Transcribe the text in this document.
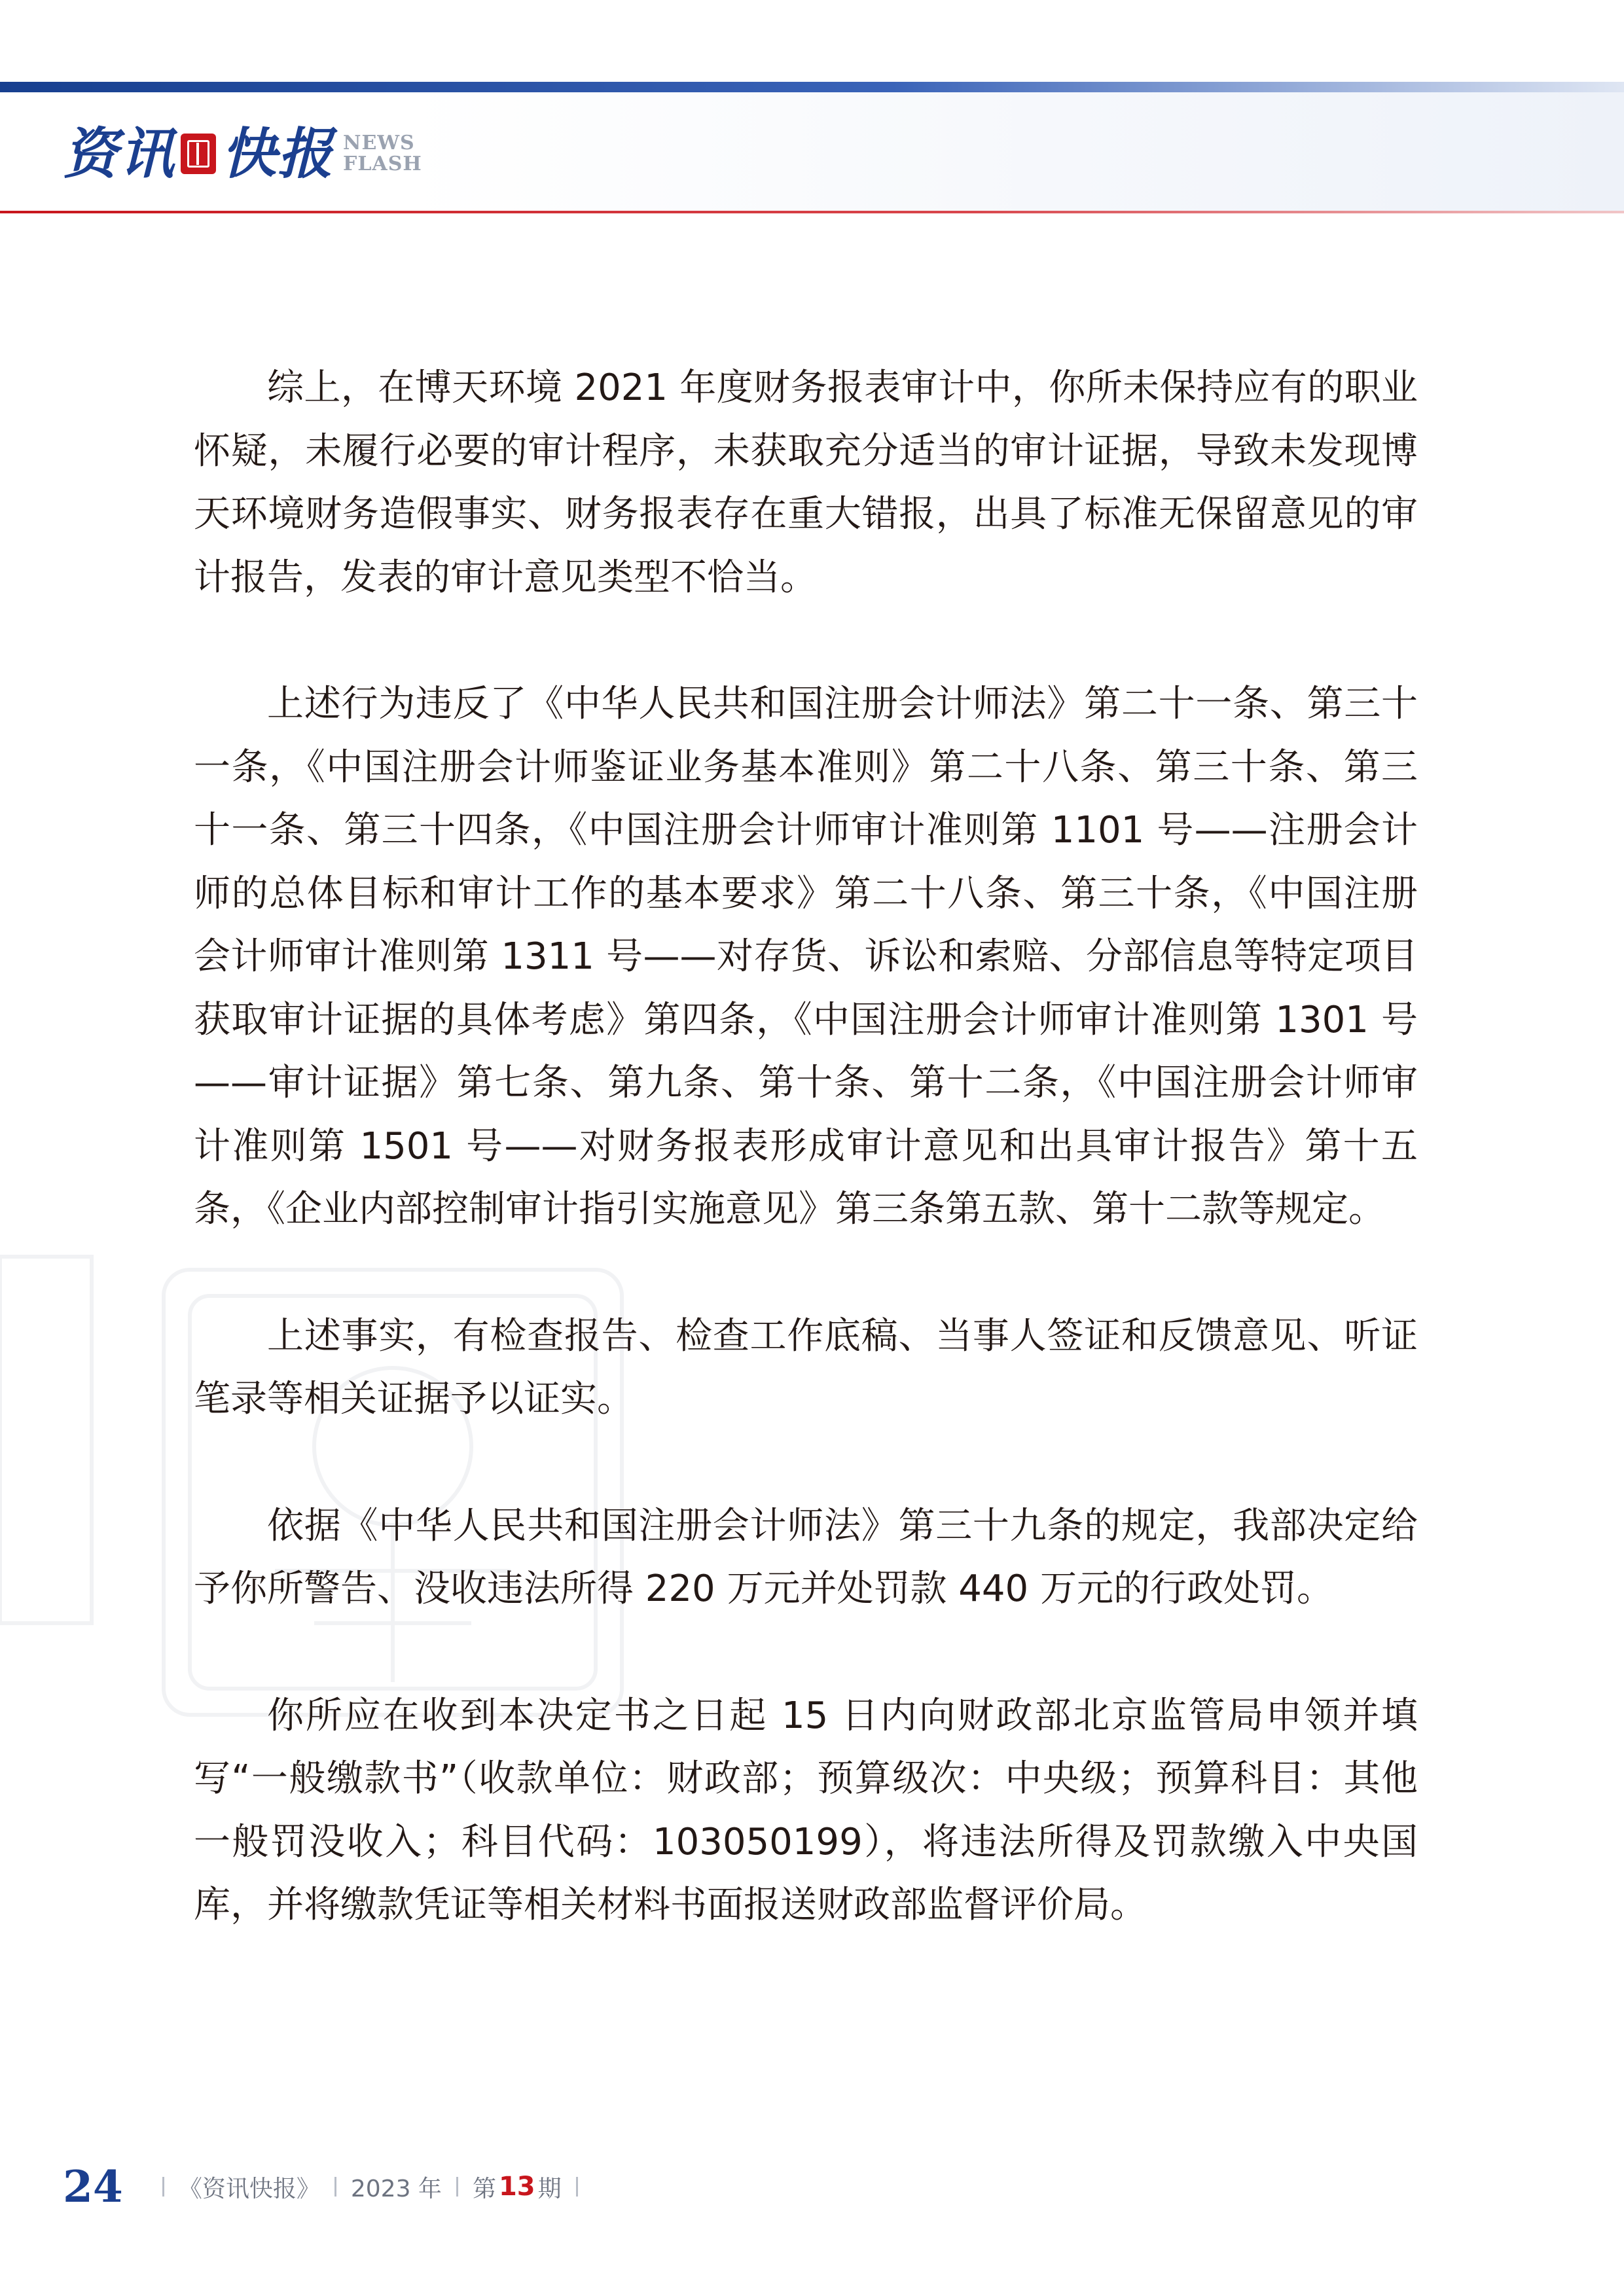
资讯 快报 NEWS
FLASH

综上，在博天环境 2021 年度财务报表审计中，你所未保持应有的职业怀疑，未履行必要的审计程序，未获取充分适当的审计证据，导致未发现博天环境财务造假事实、财务报表存在重大错报，出具了标准无保留意见的审计报告，发表的审计意见类型不恰当。

上述行为违反了《中华人民共和国注册会计师法》第二十一条、第三十一条，《中国注册会计师鉴证业务基本准则》第二十八条、第三十条、第三十一条、第三十四条，《中国注册会计师审计准则第 1101 号——注册会计师的总体目标和审计工作的基本要求》第二十八条、第三十条，《中国注册会计师审计准则第 1311 号——对存货、诉讼和索赔、分部信息等特定项目获取审计证据的具体考虑》第四条，《中国注册会计师审计准则第 1301 号——审计证据》第七条、第九条、第十条、第十二条，《中国注册会计师审计准则第 1501 号——对财务报表形成审计意见和出具审计报告》第十五条，《企业内部控制审计指引实施意见》第三条第五款、第十二款等规定。

上述事实，有检查报告、检查工作底稿、当事人签证和反馈意见、听证笔录等相关证据予以证实。

依据《中华人民共和国注册会计师法》第三十九条的规定，我部决定给予你所警告、没收违法所得 220 万元并处罚款 440 万元的行政处罚。

你所应在收到本决定书之日起 15 日内向财政部北京监管局申领并填写“一般缴款书”（收款单位：财政部；预算级次：中央级；预算科目：其他一般罚没收入；科目代码：103050199），将违法所得及罚款缴入中央国库，并将缴款凭证等相关材料书面报送财政部监督评价局。

24 《资讯快报》 2023 年 第 13 期
